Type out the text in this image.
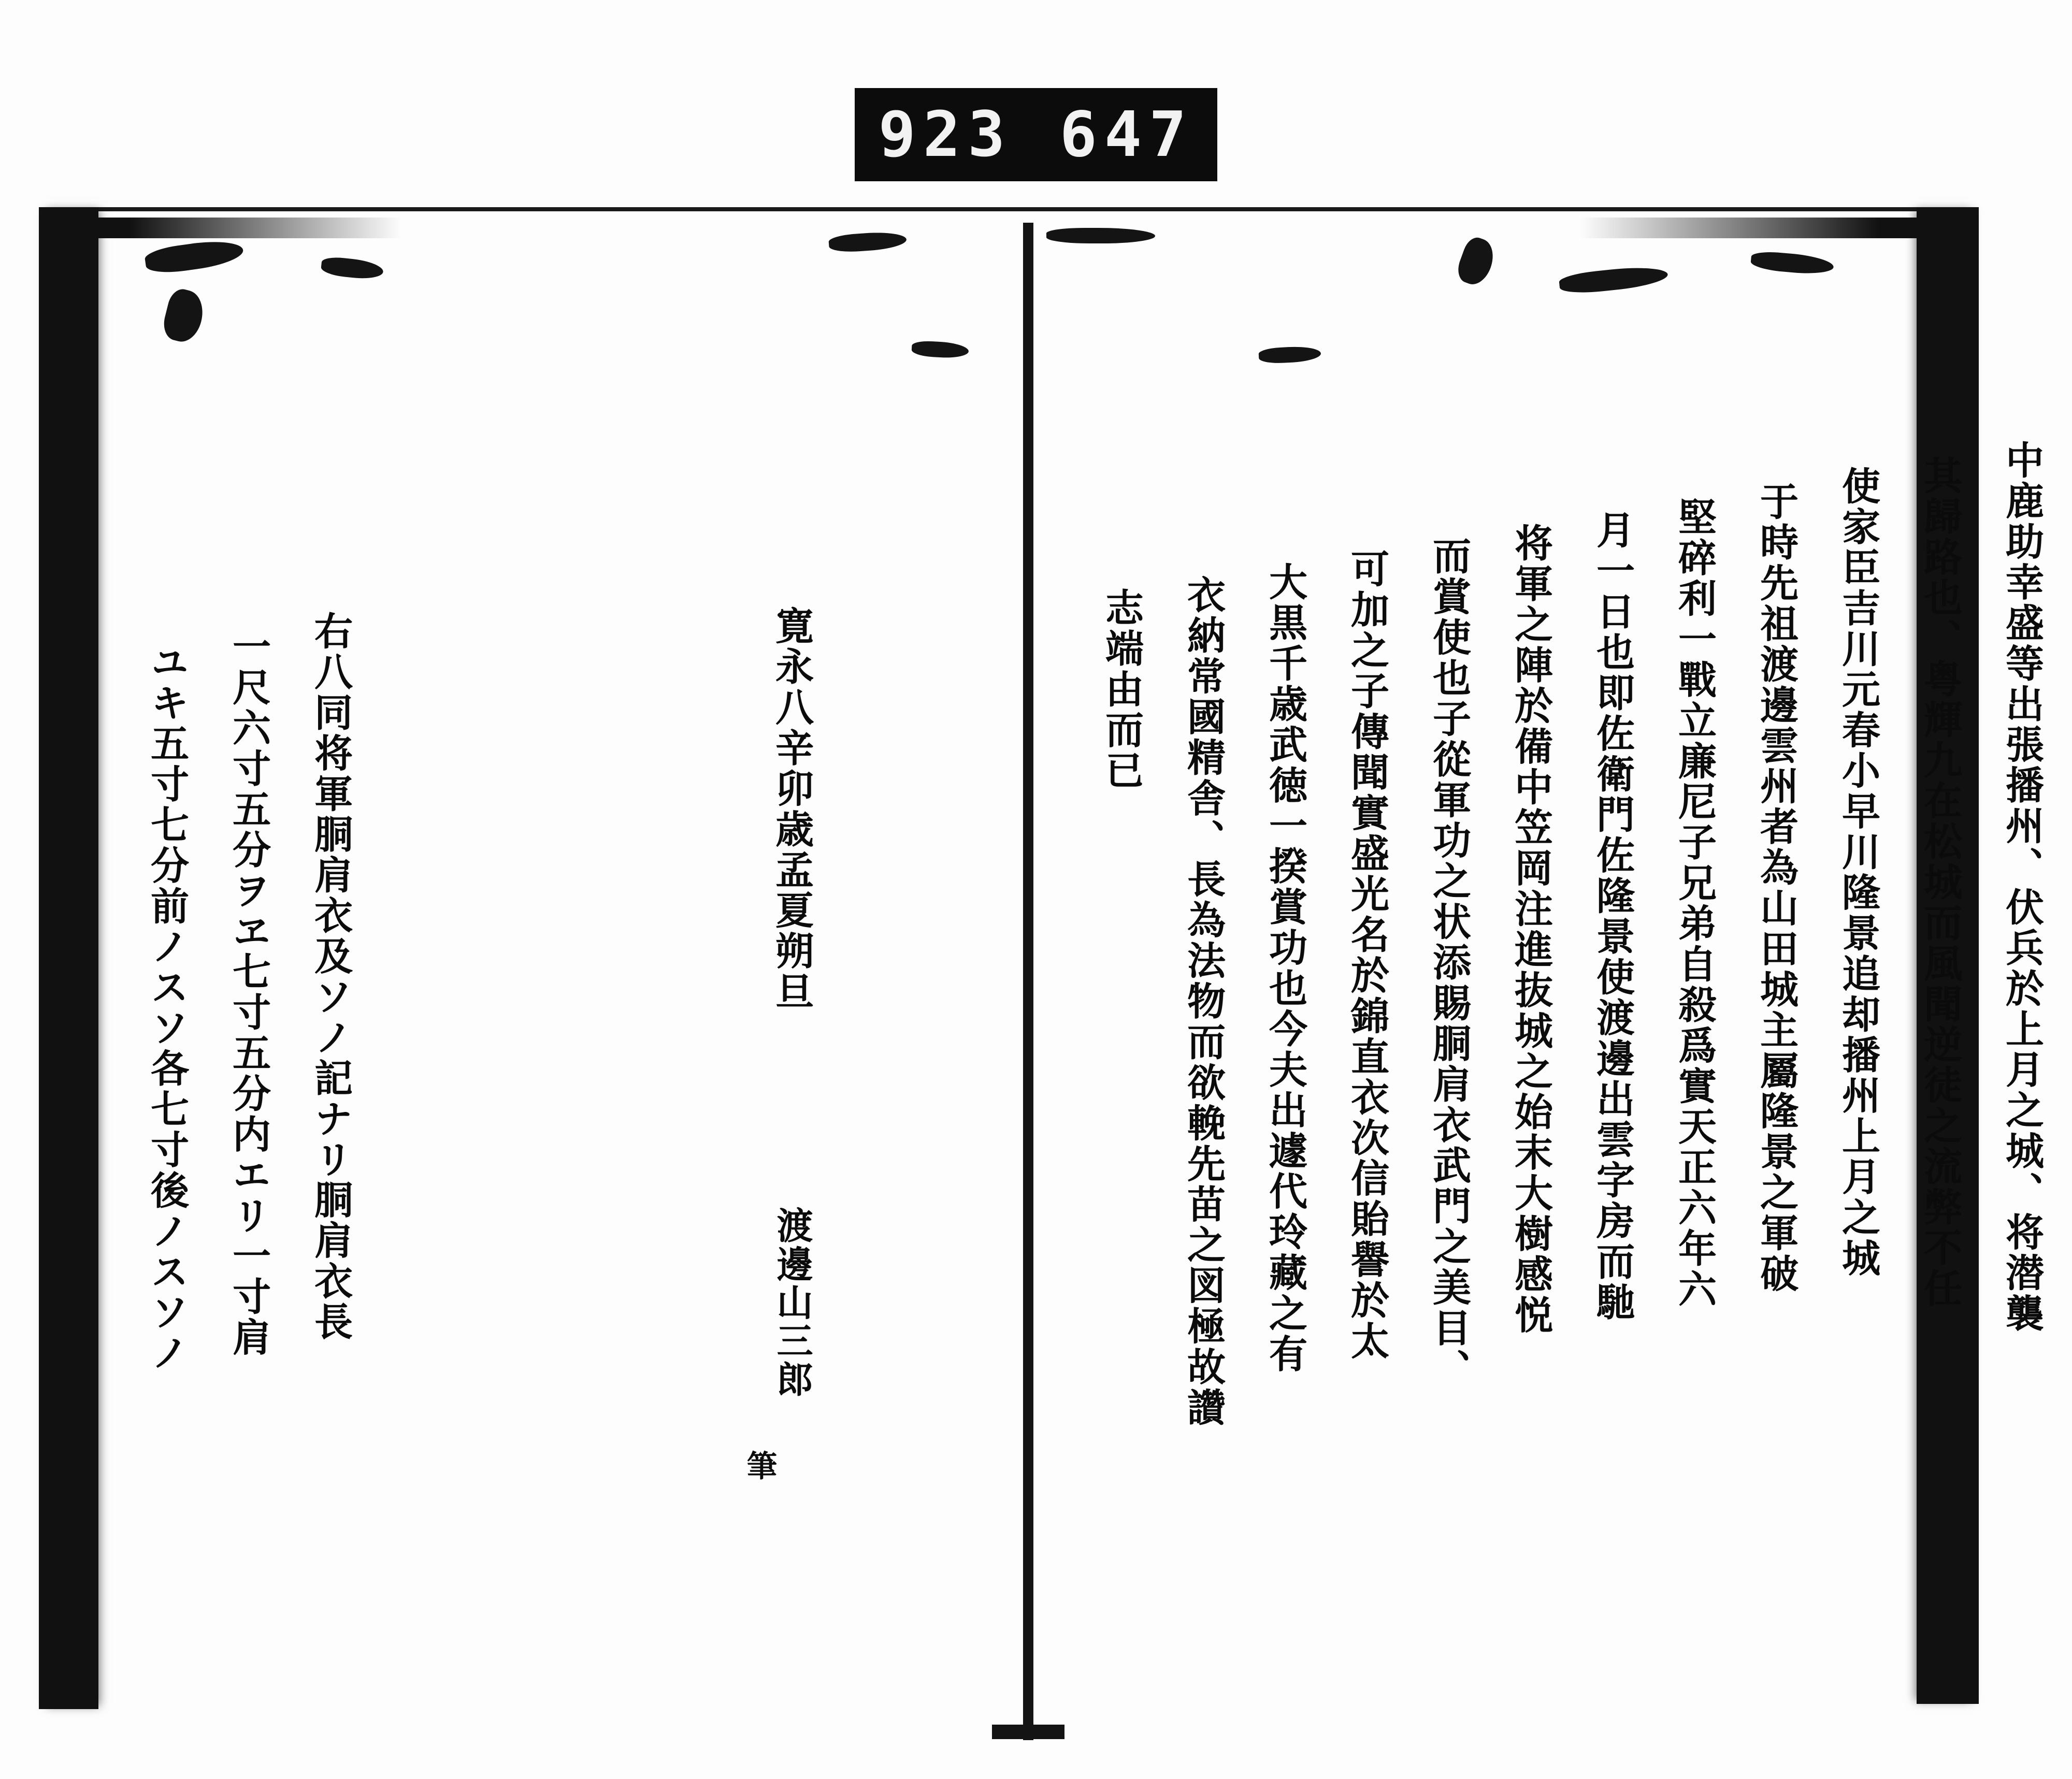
923 647
中鹿助幸盛等出張播州、伏兵於上月之城、将潜襲
其歸路也、粤輝九在松城而風聞逆徒之流弊不任
使家臣吉川元春小早川隆景追却播州上月之城
于時先祖渡邊雲州者為山田城主屬隆景之軍破
堅碎利一戰立廉尼子兄弟自殺爲實天正六年六
月一日也即佐衛門佐隆景使渡邊出雲字房而馳
将軍之陣於備中笠岡注進抜城之始末大樹感悦
而賞使也子從軍功之状添賜胴肩衣武門之美目、
可加之子傳聞實盛光名於錦直衣次信貽譽於太
大黒千歳武徳一揆賞功也今夫出遽代玲藏之有
衣納常國精舎、長為法物而欲輓先苗之図極故讚
志端由而已
寛永八辛卯歳孟夏朔旦
渡邊山三郎
筆
右八同将軍胴肩衣及ソノ記ナリ胴肩衣長
一尺六寸五分ヲヱ七寸五分内エリ一寸肩
ユキ五寸七分前ノスソ各七寸後ノスソノ
